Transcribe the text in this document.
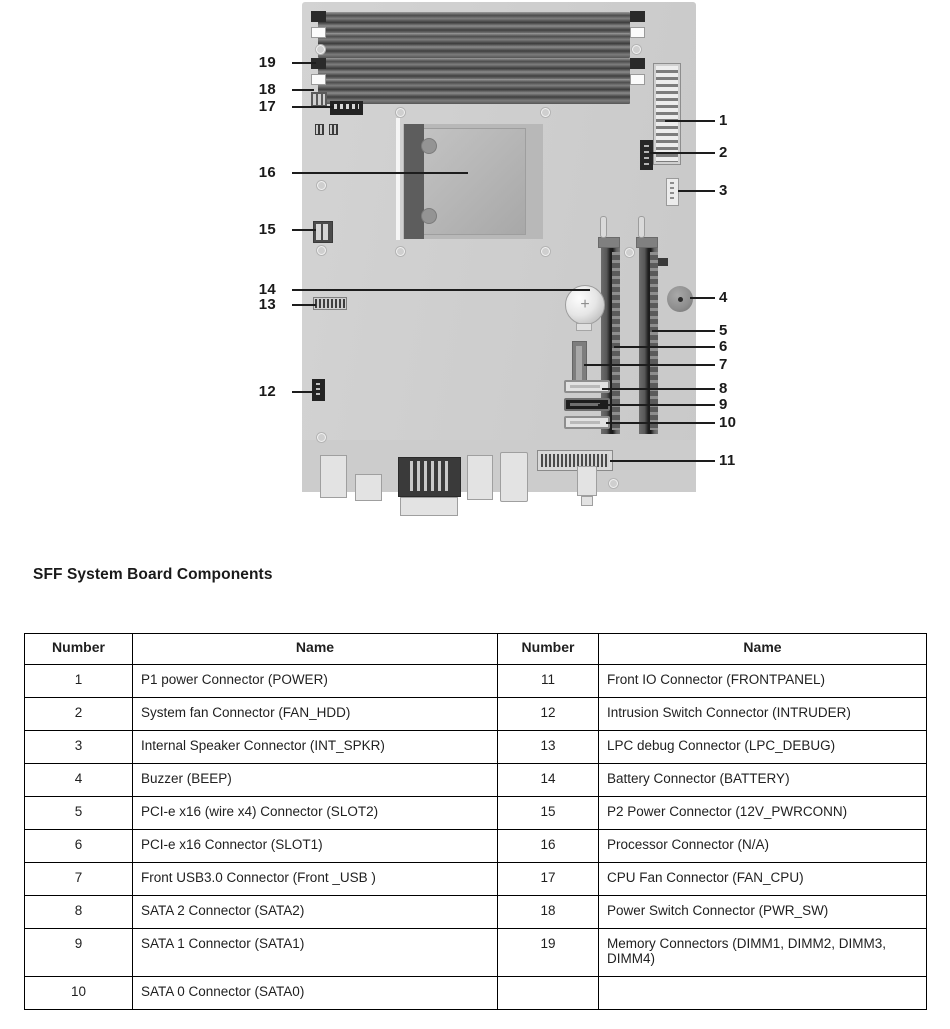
+
19
18
17
16
15
14
13
12
1
2
3
4
5
6
7
8
9
10
11
SFF System Board Components
Number	Name	Number	Name
1	P1 power Connector (POWER)	11	Front IO Connector (FRONTPANEL)
2	System fan Connector (FAN_HDD)	12	Intrusion Switch Connector (INTRUDER)
3	Internal Speaker Connector (INT_SPKR)	13	LPC debug Connector (LPC_DEBUG)
4	Buzzer (BEEP)	14	Battery Connector (BATTERY)
5	PCI-e x16 (wire x4) Connector (SLOT2)	15	P2 Power Connector (12V_PWRCONN)
6	PCI-e x16 Connector (SLOT1)	16	Processor Connector (N/A)
7	Front USB3.0 Connector (Front _USB )	17	CPU Fan Connector (FAN_CPU)
8	SATA 2 Connector (SATA2)	18	Power Switch Connector (PWR_SW)
9	SATA 1 Connector (SATA1)	19	Memory Connectors (DIMM1, DIMM2, DIMM3, DIMM4)
10	SATA 0 Connector (SATA0)		
